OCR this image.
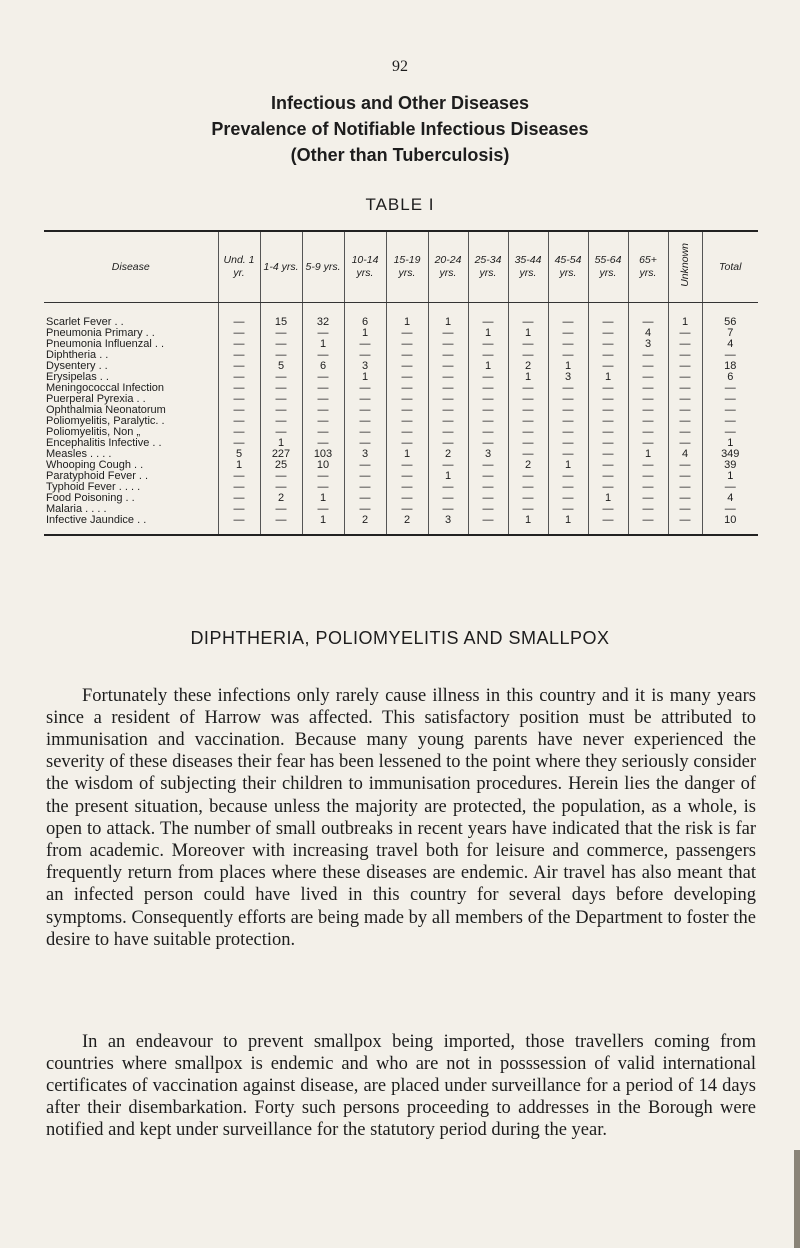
92
Infectious and Other Diseases
Prevalence of Notifiable Infectious Diseases
(Other than Tuberculosis)
TABLE I
Disease	Und. 1 yr.	1-4 yrs.	5-9 yrs.	10-14 yrs.	15-19 yrs.	20-24 yrs.	25-34 yrs.	35-44 yrs.	45-54 yrs.	55-64 yrs.	65+ yrs.	Unknown	Total
Scarlet Fever . .	—	15	32	6	1	1	—	—	—	—	—	1	56
Pneumonia Primary . .	—	—	—	1	—	—	1	1	—	—	4	—	7
Pneumonia Influenzal . .	—	—	1	—	—	—	—	—	—	—	3	—	4
Diphtheria . .	—	—	—	—	—	—	—	—	—	—	—	—	—
Dysentery . .	—	5	6	3	—	—	1	2	1	—	—	—	18
Erysipelas . .	—	—	—	1	—	—	—	1	3	1	—	—	6
Meningococcal Infection	—	—	—	—	—	—	—	—	—	—	—	—	—
Puerperal Pyrexia . .	—	—	—	—	—	—	—	—	—	—	—	—	—
Ophthalmia Neonatorum	—	—	—	—	—	—	—	—	—	—	—	—	—
Poliomyelitis, Paralytic. .	—	—	—	—	—	—	—	—	—	—	—	—	—
Poliomyelitis, Non „	—	—	—	—	—	—	—	—	—	—	—	—	—
Encephalitis Infective . .	—	1	—	—	—	—	—	—	—	—	—	—	1
Measles . . . .	5	227	103	3	1	2	3	—	—	—	1	4	349
Whooping Cough . .	1	25	10	—	—	—	—	2	1	—	—	—	39
Paratyphoid Fever . .	—	—	—	—	—	1	—	—	—	—	—	—	1
Typhoid Fever . . . .	—	—	—	—	—	—	—	—	—	—	—	—	—
Food Poisoning . .	—	2	1	—	—	—	—	—	—	1	—	—	4
Malaria . . . .	—	—	—	—	—	—	—	—	—	—	—	—	—
Infective Jaundice . .	—	—	1	2	2	3	—	1	1	—	—	—	10
DIPHTHERIA, POLIOMYELITIS AND SMALLPOX

Fortunately these infections only rarely cause illness in this country and it is many years since a resident of Harrow was affected. This satisfactory position must be attributed to immunisation and vaccination. Because many young parents have never experienced the severity of these diseases their fear has been lessened to the point where they seriously consider the wisdom of subjecting their children to immunisation procedures. Herein lies the danger of the present situation, because unless the majority are protected, the population, as a whole, is open to attack. The number of small outbreaks in recent years have indicated that the risk is far from academic. Moreover with increasing travel both for leisure and commerce, passengers frequently return from places where these diseases are endemic. Air travel has also meant that an infected person could have lived in this country for several days before developing symptoms. Consequently efforts are being made by all members of the Department to foster the desire to have suitable protection.

In an endeavour to prevent smallpox being imported, those travellers coming from countries where smallpox is endemic and who are not in posssession of valid international certificates of vaccination against disease, are placed under surveillance for a period of 14 days after their disembarkation. Forty such persons proceeding to addresses in the Borough were notified and kept under surveillance for the statutory period during the year.
